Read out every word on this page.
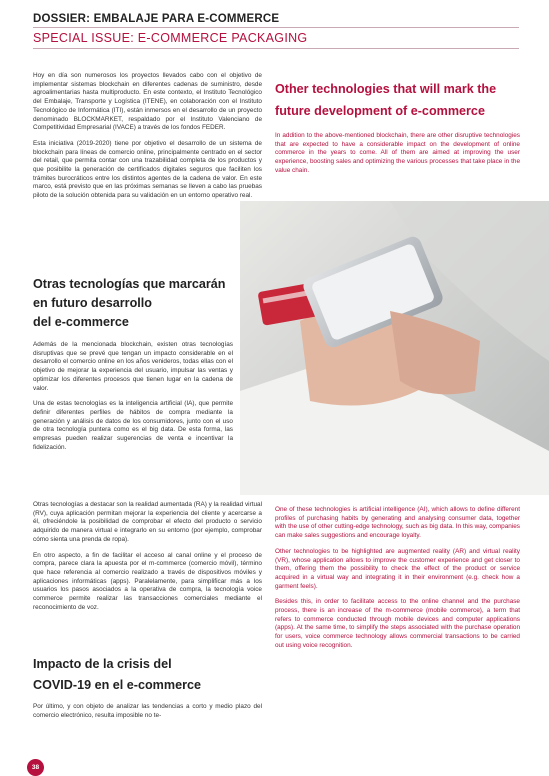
DOSSIER: EMBALAJE PARA E-COMMERCE
SPECIAL ISSUE: E-COMMERCE PACKAGING

Hoy en día son numerosos los proyectos llevados cabo con el objetivo de implementar sistemas blockchain en diferentes cadenas de suministro, desde agroalimentarias hasta multiproducto. En este contexto, el Instituto Tecnológico del Embalaje, Transporte y Logística (ITENE), en colaboración con el Instituto Tecnológico de Informática (ITI), están inmersos en el desarrollo de un proyecto denominado BLOCKMARKET, respaldado por el Instituto Valenciano de Competitividad Empresarial (IVACE) a través de los fondos FEDER.

Esta iniciativa (2019-2020) tiene por objetivo el desarrollo de un sistema de blockchain para líneas de comercio online, principalmente centrado en el sector del retail, que permita contar con una trazabilidad completa de los productos y que posibilite la generación de certificados digitales seguros que faciliten los trámites burocráticos entre los distintos agentes de la cadena de valor. En este marco, está previsto que en las próximas semanas se lleven a cabo las pruebas piloto de la solución obtenida para su validación en un entorno operativo real.

Otras tecnologías que marcarán
en futuro desarrollo
del e-commerce

Además de la mencionada blockchain, existen otras tecnologías disruptivas que se prevé que tengan un impacto considerable en el desarrollo el comercio online en los años venideros, todas ellas con el objetivo de mejorar la experiencia del usuario, impulsar las ventas y optimizar los diferentes procesos que tienen lugar en la cadena de valor.

Una de estas tecnologías es la inteligencia artificial (IA), que permite definir diferentes perfiles de hábitos de compra mediante la generación y análisis de datos de los consumidores, junto con el uso de otra tecnología puntera como es el big data. De esta forma, las empresas pueden realizar sugerencias de venta e incentivar la fidelización.

Otras tecnologías a destacar son la realidad aumentada (RA) y la realidad virtual (RV), cuya aplicación permitan mejorar la experiencia del cliente y acercarse a él, ofreciéndole la posibilidad de comprobar el efecto del producto o servicio adquirido de manera virtual e integrarlo en su entorno (por ejemplo, comprobar cómo sienta una prenda de ropa).

En otro aspecto, a fin de facilitar el acceso al canal online y el proceso de compra, parece clara la apuesta por el m-commerce (comercio móvil), término que hace referencia al comercio realizado a través de dispositivos móviles y aplicaciones informáticas (apps). Paralelamente, para simplificar más a los usuarios los pasos asociados a la operativa de compra, la tecnología voice commerce permite realizar las transacciones comerciales mediante el reconocimiento de voz.

Impacto de la crisis del
COVID-19 en el e-commerce

Por último, y con objeto de analizar las tendencias a corto y medio plazo del comercio electrónico, resulta imposible no te-

Other technologies that will mark the
future development of e-commerce

In addition to the above-mentioned blockchain, there are other disruptive technologies that are expected to have a considerable impact on the development of online commerce in the years to come. All of them are aimed at improving the user experience, boosting sales and optimizing the various processes that take place in the value chain.

One of these technologies is artificial intelligence (AI), which allows to define different profiles of purchasing habits by generating and analysing consumer data, together with the use of other cutting-edge technology, such as big data. In this way, companies can make sales suggestions and encourage loyalty.

Other technologies to be highlighted are augmented reality (AR) and virtual reality (VR), whose application allows to improve the customer experience and get closer to them, offering them the possibility to check the effect of the product or service acquired in a virtual way and integrating it in their environment (e.g. check how a garment feels).

Besides this, in order to facilitate access to the online channel and the purchase process, there is an increase of the m-commerce (mobile commerce), a term that refers to commerce conducted through mobile devices and computer applications (apps). At the same time, to simplify the steps associated with the purchase operation for users, voice commerce technology allows commercial transactions to be carried out using voice recognition.

38
